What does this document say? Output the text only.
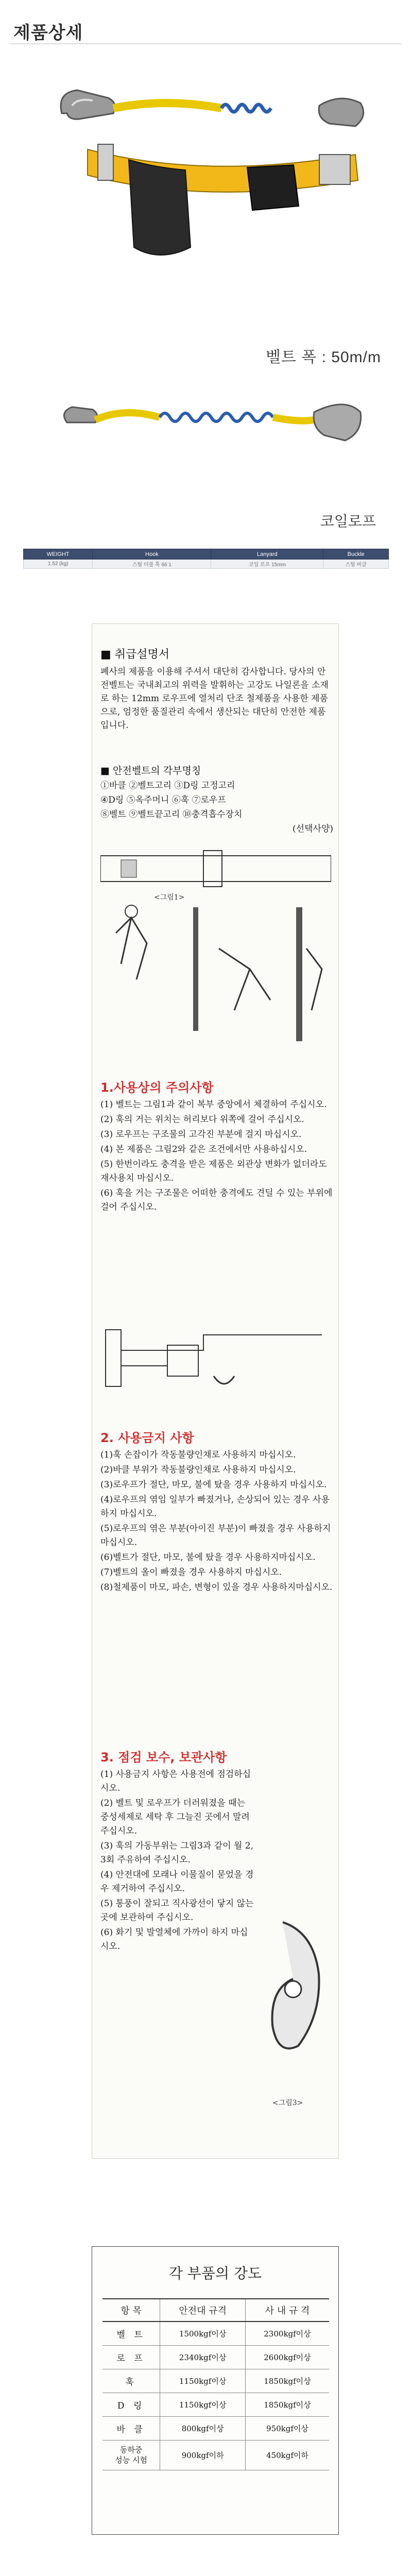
제품상세
벨트 폭 : 50m/m
코일로프
WEIGHT	Hook	Lanyard	Buckle
1.52 (kg)	스틸 더블 훅 66 1	코일 로프 15mm	스틸 버클
■ 취급설명서
폐사의 제품을 이용해 주셔서 대단히 감사합니다. 당사의 안전벨트는 국내최고의 위력을 발휘하는 고강도 나일론을 소재로 하는 12mm 로우프에 열처리 단조 철제품을 사용한 제품으로, 엄정한 품질관리 속에서 생산되는 대단히 안전한 제품입니다.
■ 안전벨트의 각부명칭
①바클 ②벨트고리 ③D링 고정고리
④D링 ⑤옥주머니 ⑥훅 ⑦로우프
⑧벨트 ⑨벨트끝고리 ⑩충격흡수장치
(선택사양)
<그림1>
1.사용상의 주의사항

(1) 벨트는 그림1과 같이 복부 중앙에서 체결하여 주십시오.

(2) 훅의 거는 위치는 허리보다 위쪽에 걸어 주십시오.

(3) 로우프는 구조물의 고각진 부분에 걸지 마십시오.

(4) 본 제품은 그림2와 같은 조건에서만 사용하십시오.

(5) 한번이라도 충격을 받은 제품은 외관상 변화가 없더라도 재사용치 마십시오.

(6) 훅을 거는 구조물은 어떠한 충격에도 견딜 수 있는 부위에 걸어 주십시오.

2. 사용금지 사항

(1)훅 손잡이가 작동불량인채로 사용하지 마십시오.

(2)바클 부위가 작동불량인채로 사용하지 마십시오.

(3)로우프가 절단, 마모, 불에 탔을 경우 사용하지 마십시오.

(4)로우프의 엮임 일부가 빠졌거나, 손상되어 있는 경우 사용하지 마십시오.

(5)로우프의 엮은 부분(아이진 부분)이 빠졌을 경우 사용하지 마십시오.

(6)벨트가 절단, 마모, 불에 탔을 경우 사용하지마십시오.

(7)벨트의 올이 빠졌을 경우 사용하지 마십시오.

(8)철제품이 마모, 파손, 변형이 있을 경우 사용하지마십시오.

3. 점검 보수, 보관사항

(1) 사용금지 사항은 사용전에 점검하십시오.

(2) 벨트 및 로우프가 더러워졌을 때는 중성세제로 세탁 후 그늘진 곳에서 말려 주십시오.

(3) 훅의 가동부위는 그림3과 같이 월 2, 3회 주유하여 주십시오.

(4) 안전대에 모래나 이물질이 묻었을 경우 제거하여 주십시오.

(5) 통풍이 잘되고 직사광선이 닿지 않는 곳에 보관하여 주십시오.

(6) 화기 및 발열체에 가까이 하지 마십시오.

<그림3>
각 부품의 강도
항 목	안전대 규격	사 내 규 격
벨 트	1500kgf이상	2300kgf이상
로 프	2340kgf이상	2600kgf이상
훅	1150kgf이상	1850kgf이상
D 링	1150kgf이상	1850kgf이상
바 클	800kgf이상	950kgf이상
동하중
성능 시험	900kgf이하	450kgf이하
